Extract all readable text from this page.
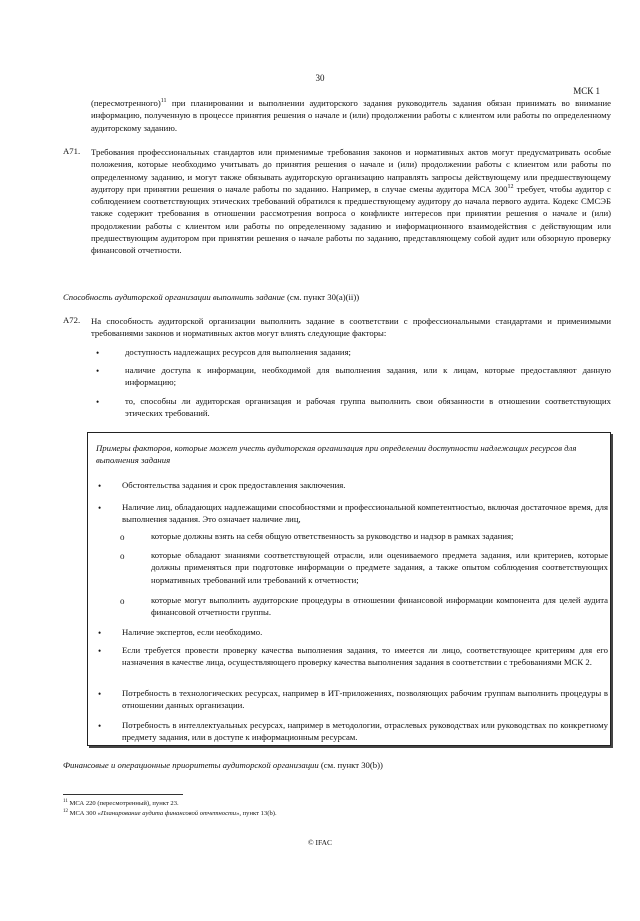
30
МСК 1
(пересмотренного)$^{11}$ при планировании и выполнении аудиторского задания руководитель задания обязан принимать во внимание информацию, полученную в процессе принятия решения о начале и (или) продолжении работы с клиентом или работы по определенному аудиторскому заданию.
A71. Требования профессиональных стандартов или применимые требования законов и нормативных актов могут предусматривать особые положения, которые необходимо учитывать до принятия решения о начале и (или) продолжении работы с клиентом или работы по определенному заданию, и могут также обязывать аудиторскую организацию направлять запросы действующему или предшествующему аудитору при принятии решения о начале работы по заданию. Например, в случае смены аудитора МСА $300^{12}$ требует, чтобы аудитор с соблюдением соответствующих этических требований обратился к предшествующему аудитору до начала первого аудита. Кодекс СМСЭБ также содержит требования в отношении рассмотрения вопроса о конфликте интересов при принятии решения о начале и (или) продолжении работы с клиентом или работы по определенному заданию и информационного взаимодействия с действующим или предшествующим аудитором при принятии решения о начале работы по заданию, представляющему собой аудит или обзорную проверку финансовой отчетности.
Способность аудиторской организации выполнить задание (см. пункт 30(a)(ii))
A72. На способность аудиторской организации выполнить задание в соответствии с профессиональными стандартами и применимыми требованиями законов и нормативных актов могут влиять следующие факторы:
•	доступность надлежащих ресурсов для выполнения задания;
•	наличие доступа к информации, необходимой для выполнения задания, или к лицам, которые предоставляют данную информацию;
•	то, способны ли аудиторская организация и рабочая группа выполнить свои обязанности в отношении соответствующих этических требований.
Примеры факторов, которые может учесть аудиторская организация при определении доступности надлежащих ресурсов для выполнения задания
• Обстоятельства задания и срок предоставления заключения.
• Наличие лиц, обладающих надлежащими способностями и профессиональной компетентностью, включая достаточное время, для выполнения задания. Это означает наличие лиц,
o	которые должны взять на себя общую ответственность за руководство и надзор в рамках задания;
o	которые обладают знаниями соответствующей отрасли, или оцениваемого предмета задания, или критериев, которые должны применяться при подготовке информации о предмете задания, а также опытом соблюдения соответствующих нормативных требований или требований к отчетности;
o	которые могут выполнить аудиторские процедуры в отношении финансовой информации компонента для целей аудита финансовой отчетности группы.
• Наличие экспертов, если необходимо.
• Если требуется провести проверку качества выполнения задания, то имеется ли лицо, соответствующее критериям для его назначения в качестве лица, осуществляющего проверку качества выполнения задания в соответствии с требованиями МСК 2.
• Потребность в технологических ресурсах, например в ИТ-приложениях, позволяющих рабочим группам выполнить процедуры в отношении данных организации.
• Потребность в интеллектуальных ресурсах, например в методологии, отраслевых руководствах или руководствах по конкретному предмету задания, или в доступе к информационным ресурсам.
Финансовые и операционные приоритеты аудиторской организации (см. пункт 30(b))
$^{11}$ МСА 220 (пересмотренный), пункт 23.
$^{12}$ МСА 300 «Планирование аудита финансовой отчетности», пункт 13(b).
© IFAC
